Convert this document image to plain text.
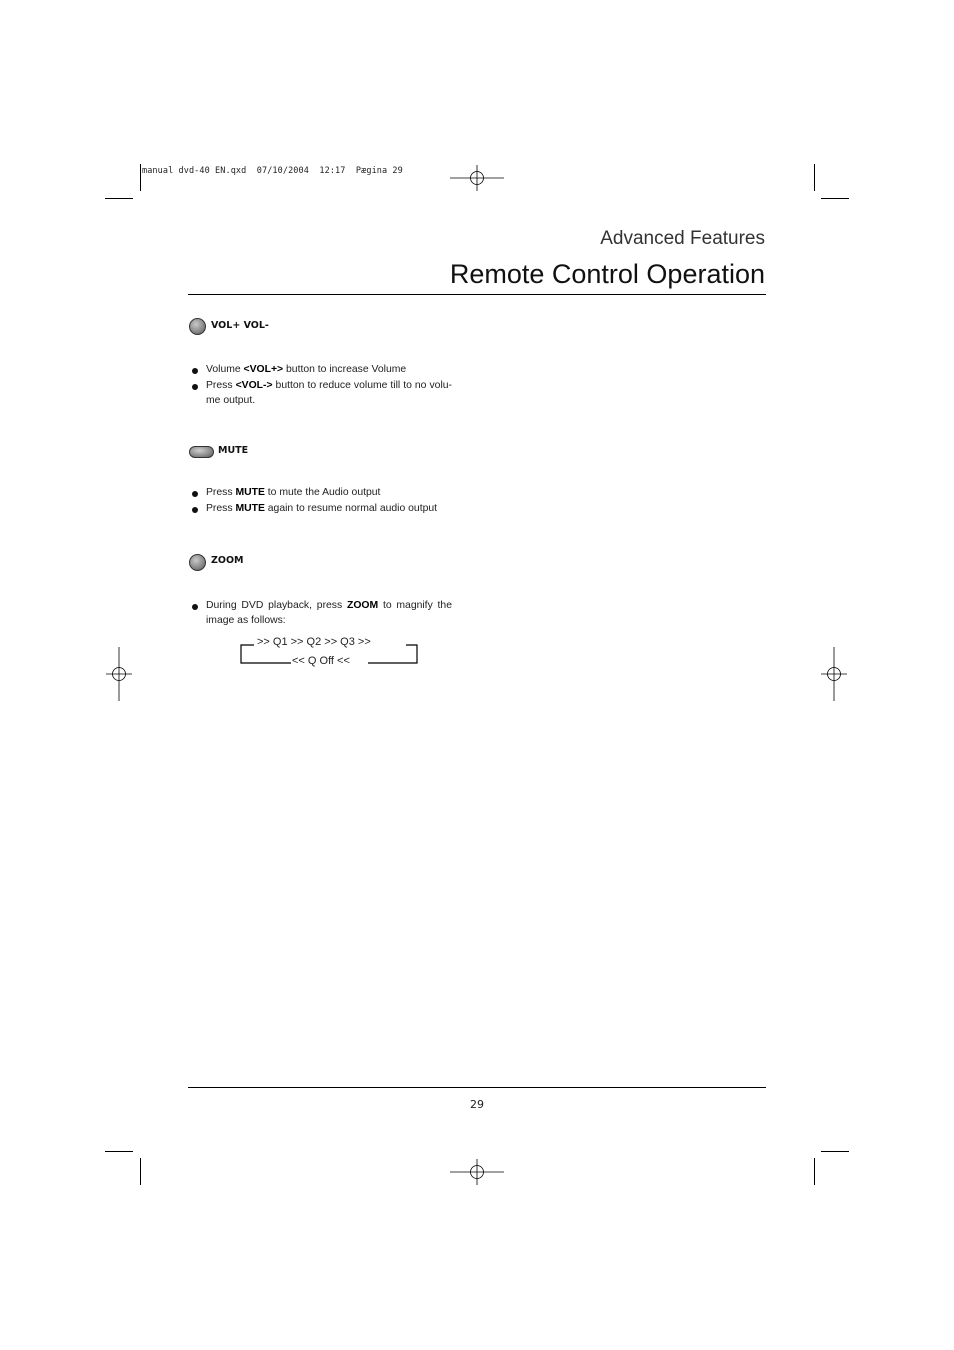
manual dvd-40 EN.qxd  07/10/2004  12:17  Pægina 29
Advanced Features
Remote Control Operation
VOL+ VOL-
Volume <VOL+> button to increase Volume
Press <VOL-> button to reduce volume till to no volu-me output.
MUTE
Press MUTE to mute the Audio output
Press MUTE again to resume normal audio output
ZOOM
During DVD playback, press ZOOM to magnify the image as follows:
>> Q1 >> Q2 >> Q3 >>
<< Q Off <<
29
